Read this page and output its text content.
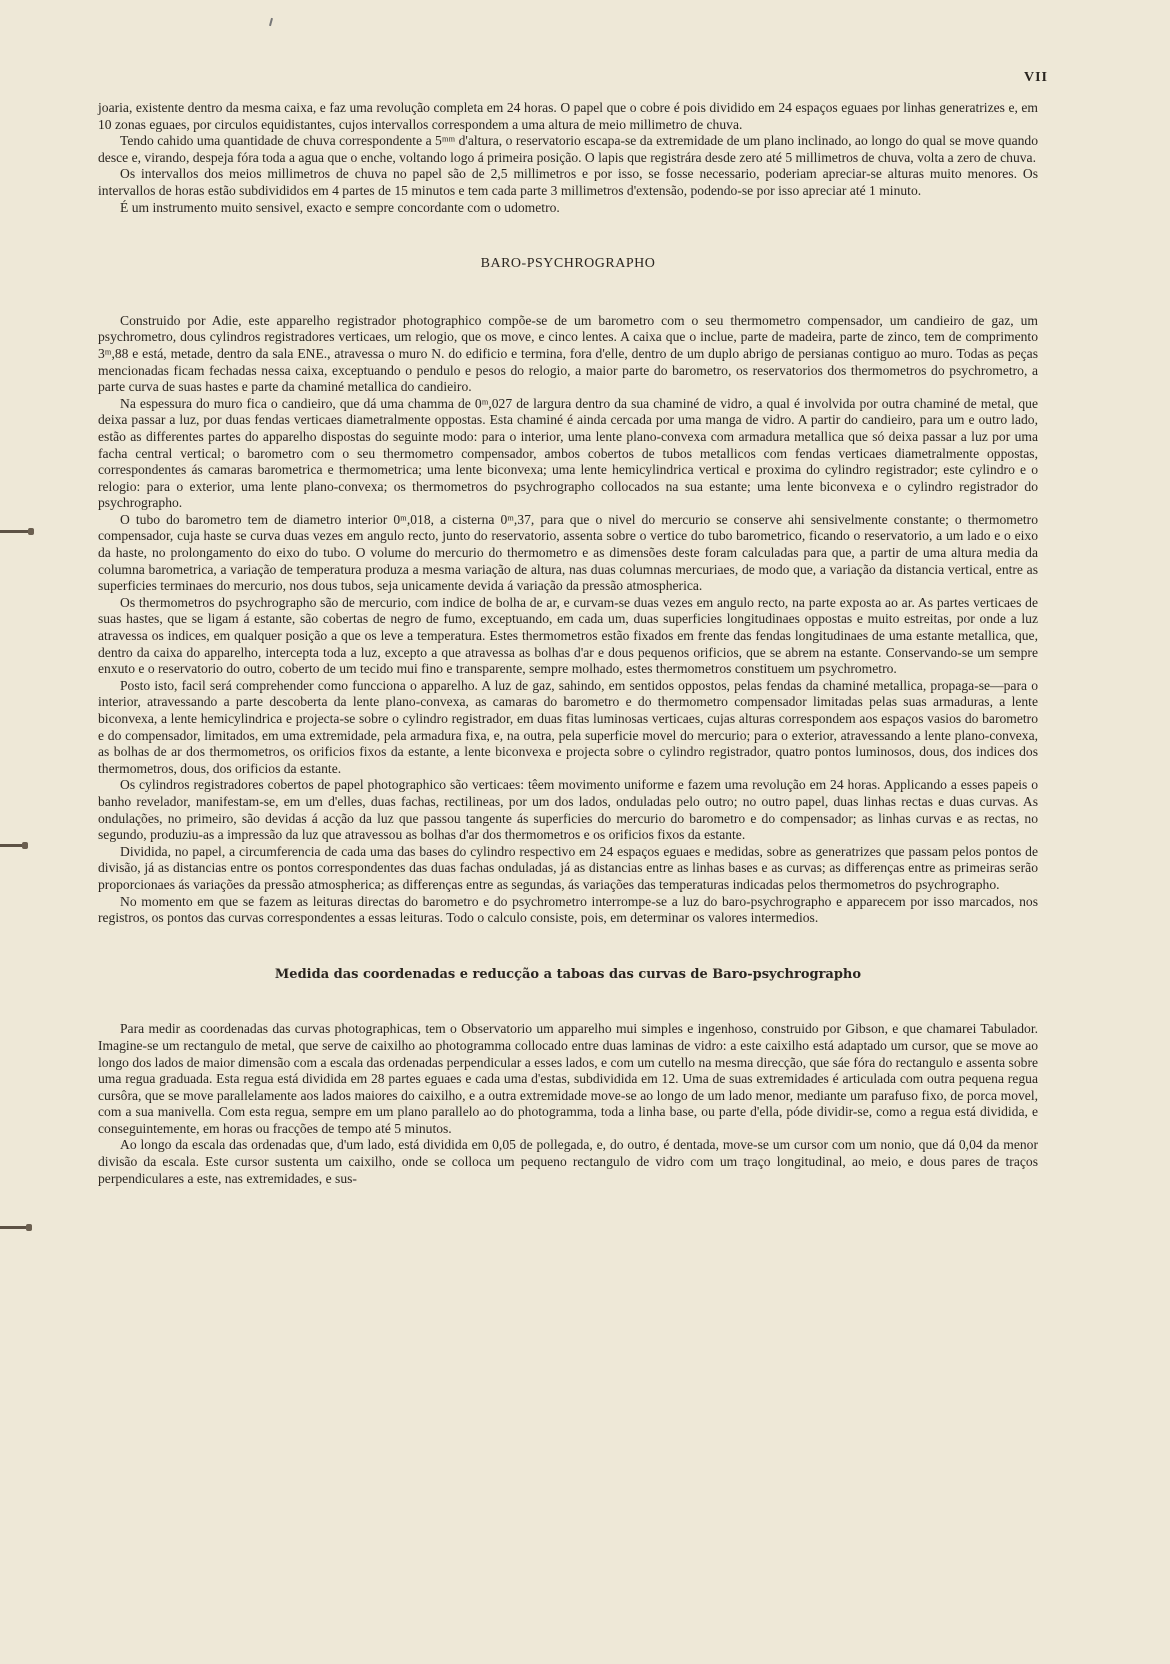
VII

joaria, existente dentro da mesma caixa, e faz uma revolução completa em 24 horas. O papel que o cobre é pois dividido em 24 espaços eguaes por linhas generatrizes e, em 10 zonas eguaes, por circulos equidistantes, cujos intervallos correspondem a uma altura de meio millimetro de chuva.

Tendo cahido uma quantidade de chuva correspondente a 5ᵐᵐ d'altura, o reservatorio escapa-se da extremidade de um plano inclinado, ao longo do qual se move quando desce e, virando, despeja fóra toda a agua que o enche, voltando logo á primeira posição. O lapis que registrára desde zero até 5 millimetros de chuva, volta a zero de chuva.

Os intervallos dos meios millimetros de chuva no papel são de 2,5 millimetros e por isso, se fosse necessario, poderiam apreciar-se alturas muito menores. Os intervallos de horas estão subdivididos em 4 partes de 15 minutos e tem cada parte 3 millimetros d'extensão, podendo-se por isso apreciar até 1 minuto.

É um instrumento muito sensivel, exacto e sempre concordante com o udometro.

BARO-PSYCHROGRAPHO

Construido por Adie, este apparelho registrador photographico compõe-se de um barometro com o seu thermometro compensador, um candieiro de gaz, um psychrometro, dous cylindros registradores verticaes, um relogio, que os move, e cinco lentes. A caixa que o inclue, parte de madeira, parte de zinco, tem de comprimento 3ᵐ,88 e está, metade, dentro da sala ENE., atravessa o muro N. do edificio e termina, fora d'elle, dentro de um duplo abrigo de persianas contiguo ao muro. Todas as peças mencionadas ficam fechadas nessa caixa, exceptuando o pendulo e pesos do relogio, a maior parte do barometro, os reservatorios dos thermometros do psychrometro, a parte curva de suas hastes e parte da chaminé metallica do candieiro.

Na espessura do muro fica o candieiro, que dá uma chamma de 0ᵐ,027 de largura dentro da sua chaminé de vidro, a qual é involvida por outra chaminé de metal, que deixa passar a luz, por duas fendas verticaes diametralmente oppostas. Esta chaminé é ainda cercada por uma manga de vidro. A partir do candieiro, para um e outro lado, estão as differentes partes do apparelho dispostas do seguinte modo: para o interior, uma lente plano-convexa com armadura metallica que só deixa passar a luz por uma facha central vertical; o barometro com o seu thermometro compensador, ambos cobertos de tubos metallicos com fendas verticaes diametralmente oppostas, correspondentes ás camaras barometrica e thermometrica; uma lente biconvexa; uma lente hemicylindrica vertical e proxima do cylindro registrador; este cylindro e o relogio: para o exterior, uma lente plano-convexa; os thermometros do psychrographo collocados na sua estante; uma lente biconvexa e o cylindro registrador do psychrographo.

O tubo do barometro tem de diametro interior 0ᵐ,018, a cisterna 0ᵐ,37, para que o nivel do mercurio se conserve ahi sensivelmente constante; o thermometro compensador, cuja haste se curva duas vezes em angulo recto, junto do reservatorio, assenta sobre o vertice do tubo barometrico, ficando o reservatorio, a um lado e o eixo da haste, no prolongamento do eixo do tubo. O volume do mercurio do thermometro e as dimensões deste foram calculadas para que, a partir de uma altura media da columna barometrica, a variação de temperatura produza a mesma variação de altura, nas duas columnas mercuriaes, de modo que, a variação da distancia vertical, entre as superficies terminaes do mercurio, nos dous tubos, seja unicamente devida á variação da pressão atmospherica.

Os thermometros do psychrographo são de mercurio, com indice de bolha de ar, e curvam-se duas vezes em angulo recto, na parte exposta ao ar. As partes verticaes de suas hastes, que se ligam á estante, são cobertas de negro de fumo, exceptuando, em cada um, duas superficies longitudinaes oppostas e muito estreitas, por onde a luz atravessa os indices, em qualquer posição a que os leve a temperatura. Estes thermometros estão fixados em frente das fendas longitudinaes de uma estante metallica, que, dentro da caixa do apparelho, intercepta toda a luz, excepto a que atravessa as bolhas d'ar e dous pequenos orificios, que se abrem na estante. Conservando-se um sempre enxuto e o reservatorio do outro, coberto de um tecido mui fino e transparente, sempre molhado, estes thermometros constituem um psychrometro.

Posto isto, facil será comprehender como funcciona o apparelho. A luz de gaz, sahindo, em sentidos oppostos, pelas fendas da chaminé metallica, propaga-se—para o interior, atravessando a parte descoberta da lente plano-convexa, as camaras do barometro e do thermometro compensador limitadas pelas suas armaduras, a lente biconvexa, a lente hemicylindrica e projecta-se sobre o cylindro registrador, em duas fitas luminosas verticaes, cujas alturas correspondem aos espaços vasios do barometro e do compensador, limitados, em uma extremidade, pela armadura fixa, e, na outra, pela superficie movel do mercurio; para o exterior, atravessando a lente plano-convexa, as bolhas de ar dos thermometros, os orificios fixos da estante, a lente biconvexa e projecta sobre o cylindro registrador, quatro pontos luminosos, dous, dos indices dos thermometros, dous, dos orificios da estante.

Os cylindros registradores cobertos de papel photographico são verticaes: têem movimento uniforme e fazem uma revolução em 24 horas. Applicando a esses papeis o banho revelador, manifestam-se, em um d'elles, duas fachas, rectilineas, por um dos lados, onduladas pelo outro; no outro papel, duas linhas rectas e duas curvas. As ondulações, no primeiro, são devidas á acção da luz que passou tangente ás superficies do mercurio do barometro e do compensador; as linhas curvas e as rectas, no segundo, produziu-as a impressão da luz que atravessou as bolhas d'ar dos thermometros e os orificios fixos da estante.

Dividida, no papel, a circumferencia de cada uma das bases do cylindro respectivo em 24 espaços eguaes e medidas, sobre as generatrizes que passam pelos pontos de divisão, já as distancias entre os pontos correspondentes das duas fachas onduladas, já as distancias entre as linhas bases e as curvas; as differenças entre as primeiras serão proporcionaes ás variações da pressão atmospherica; as differenças entre as segundas, ás variações das temperaturas indicadas pelos thermometros do psychrographo.

No momento em que se fazem as leituras directas do barometro e do psychrometro interrompe-se a luz do baro-psychrographo e apparecem por isso marcados, nos registros, os pontos das curvas correspondentes a essas leituras. Todo o calculo consiste, pois, em determinar os valores intermedios.

Medida das coordenadas e reducção a taboas das curvas de Baro-psychrographo

Para medir as coordenadas das curvas photographicas, tem o Observatorio um apparelho mui simples e ingenhoso, construido por Gibson, e que chamarei Tabulador. Imagine-se um rectangulo de metal, que serve de caixilho ao photogramma collocado entre duas laminas de vidro: a este caixilho está adaptado um cursor, que se move ao longo dos lados de maior dimensão com a escala das ordenadas perpendicular a esses lados, e com um cutello na mesma direcção, que sáe fóra do rectangulo e assenta sobre uma regua graduada. Esta regua está dividida em 28 partes eguaes e cada uma d'estas, subdividida em 12. Uma de suas extremidades é articulada com outra pequena regua cursôra, que se move parallelamente aos lados maiores do caixilho, e a outra extremidade move-se ao longo de um lado menor, mediante um parafuso fixo, de porca movel, com a sua manivella. Com esta regua, sempre em um plano parallelo ao do photogramma, toda a linha base, ou parte d'ella, póde dividir-se, como a regua está dividida, e conseguintemente, em horas ou fracções de tempo até 5 minutos.

Ao longo da escala das ordenadas que, d'um lado, está dividida em 0,05 de pollegada, e, do outro, é dentada, move-se um cursor com um nonio, que dá 0,04 da menor divisão da escala. Este cursor sustenta um caixilho, onde se colloca um pequeno rectangulo de vidro com um traço longitudinal, ao meio, e dous pares de traços perpendiculares a este, nas extremidades, e sus-
